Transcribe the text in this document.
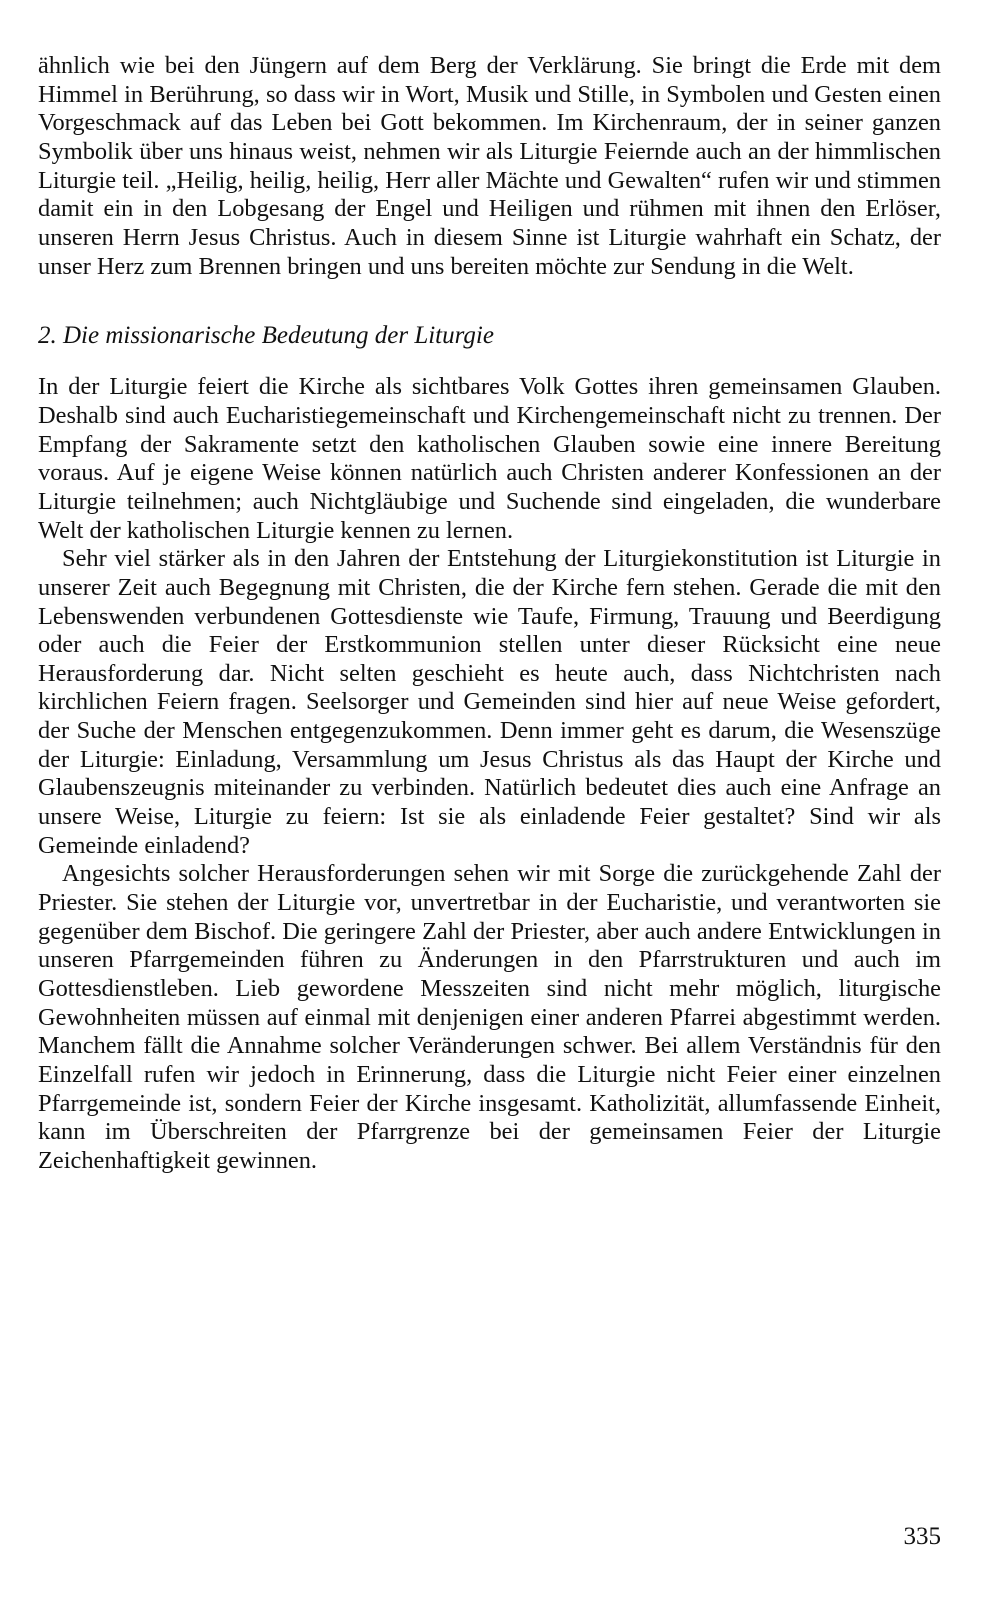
ähnlich wie bei den Jüngern auf dem Berg der Verklärung. Sie bringt die Erde mit dem Himmel in Berührung, so dass wir in Wort, Musik und Stille, in Symbolen und Gesten einen Vorgeschmack auf das Leben bei Gott bekommen. Im Kirchenraum, der in seiner ganzen Symbolik über uns hinaus weist, nehmen wir als Liturgie Feiernde auch an der himmlischen Liturgie teil. „Heilig, heilig, heilig, Herr aller Mächte und Gewalten“ rufen wir und stimmen damit ein in den Lobgesang der Engel und Heiligen und rühmen mit ihnen den Erlöser, unseren Herrn Jesus Christus. Auch in diesem Sinne ist Liturgie wahrhaft ein Schatz, der unser Herz zum Brennen bringen und uns bereiten möchte zur Sendung in die Welt.

2. Die missionarische Bedeutung der Liturgie

In der Liturgie feiert die Kirche als sichtbares Volk Gottes ihren gemeinsamen Glauben. Deshalb sind auch Eucharistiegemeinschaft und Kirchengemeinschaft nicht zu trennen. Der Empfang der Sakramente setzt den katholischen Glauben sowie eine innere Bereitung voraus. Auf je eigene Weise können natürlich auch Christen anderer Konfessionen an der Liturgie teilnehmen; auch Nichtgläubige und Suchende sind eingeladen, die wunderbare Welt der katholischen Liturgie kennen zu lernen.

Sehr viel stärker als in den Jahren der Entstehung der Liturgiekonstitution ist Liturgie in unserer Zeit auch Begegnung mit Christen, die der Kirche fern stehen. Gerade die mit den Lebenswenden verbundenen Gottesdienste wie Taufe, Firmung, Trauung und Beerdigung oder auch die Feier der Erstkommunion stellen unter dieser Rücksicht eine neue Herausforderung dar. Nicht selten geschieht es heute auch, dass Nichtchristen nach kirchlichen Feiern fragen. Seelsorger und Gemeinden sind hier auf neue Weise gefordert, der Suche der Menschen entgegenzukommen. Denn immer geht es darum, die Wesenszüge der Liturgie: Einladung, Versammlung um Jesus Christus als das Haupt der Kirche und Glaubenszeugnis miteinander zu verbinden. Natürlich bedeutet dies auch eine Anfrage an unsere Weise, Liturgie zu feiern: Ist sie als einladende Feier gestaltet? Sind wir als Gemeinde einladend?

Angesichts solcher Herausforderungen sehen wir mit Sorge die zurückgehende Zahl der Priester. Sie stehen der Liturgie vor, unvertretbar in der Eucharistie, und verantworten sie gegenüber dem Bischof. Die geringere Zahl der Priester, aber auch andere Entwicklungen in unseren Pfarrgemeinden führen zu Änderungen in den Pfarrstrukturen und auch im Gottesdienstleben. Lieb gewordene Messzeiten sind nicht mehr möglich, liturgische Gewohnheiten müssen auf einmal mit denjenigen einer anderen Pfarrei abgestimmt werden. Manchem fällt die Annahme solcher Veränderungen schwer. Bei allem Verständnis für den Einzelfall rufen wir jedoch in Erinnerung, dass die Liturgie nicht Feier einer einzelnen Pfarrgemeinde ist, sondern Feier der Kirche insgesamt. Katholizität, allumfassende Einheit, kann im Überschreiten der Pfarrgrenze bei der gemeinsamen Feier der Liturgie Zeichenhaftigkeit gewinnen.

335
